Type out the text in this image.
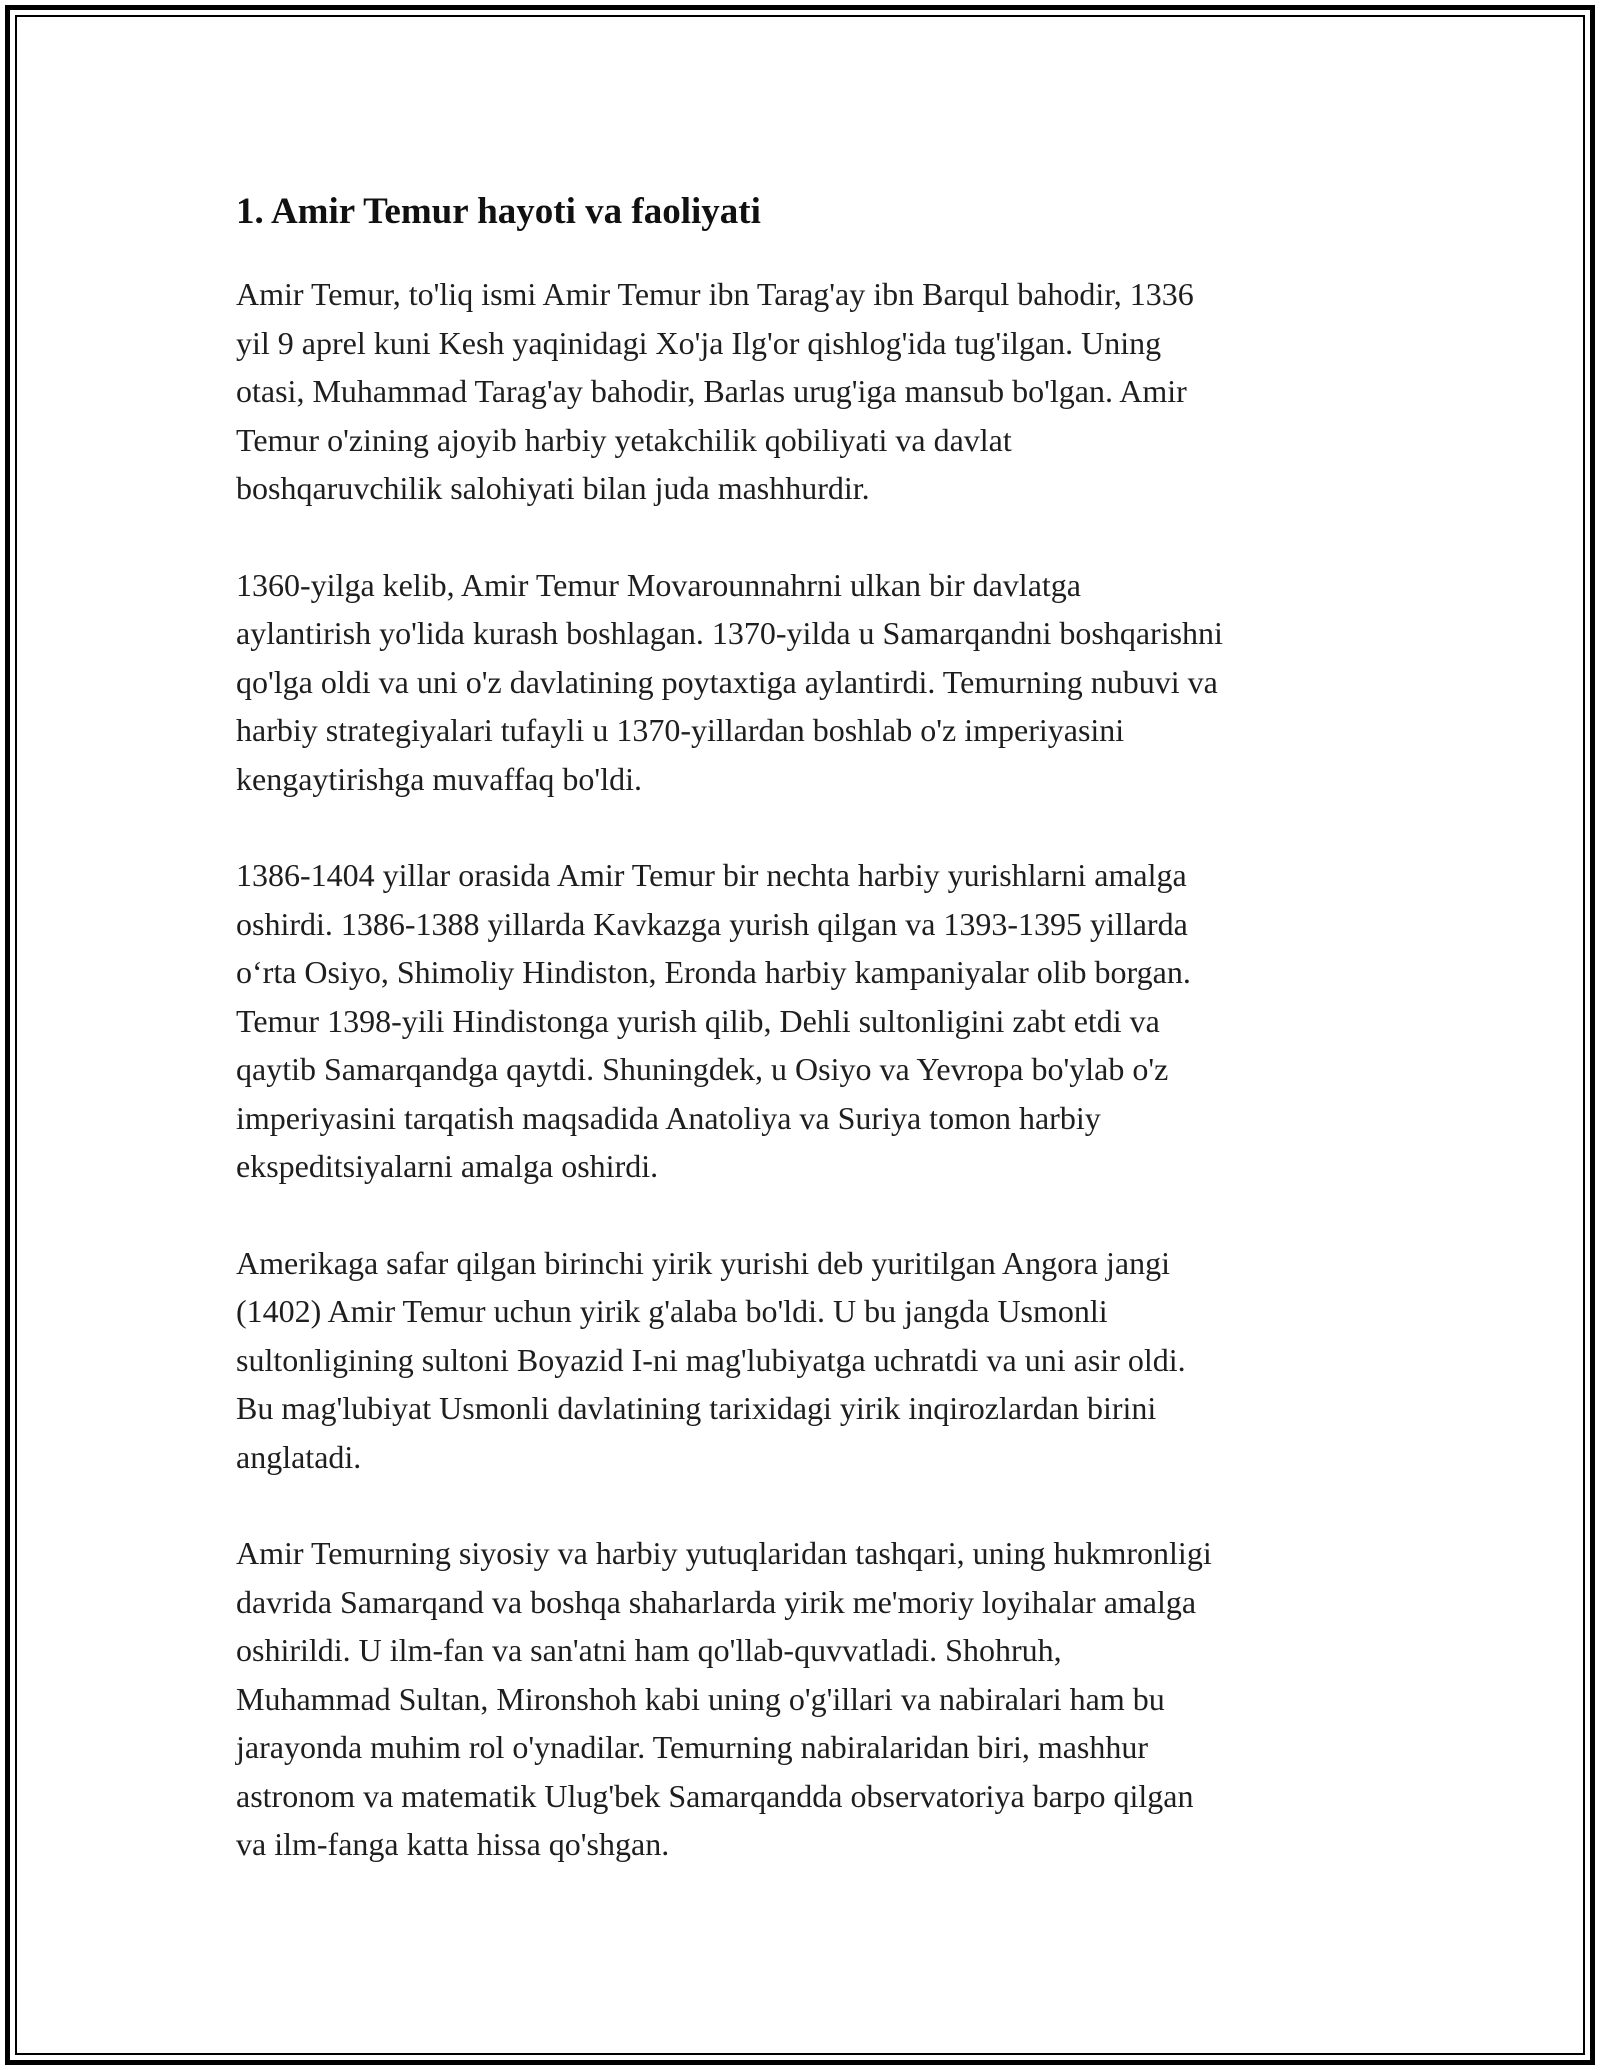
1. Amir Temur hayoti va faoliyati

Amir Temur, to'liq ismi Amir Temur ibn Tarag'ay ibn Barqul bahodir, 1336
yil 9 aprel kuni Kesh yaqinidagi Xo'ja Ilg'or qishlog'ida tug'ilgan. Uning
otasi, Muhammad Tarag'ay bahodir, Barlas urug'iga mansub bo'lgan. Amir
Temur o'zining ajoyib harbiy yetakchilik qobiliyati va davlat
boshqaruvchilik salohiyati bilan juda mashhurdir.

1360-yilga kelib, Amir Temur Movarounnahrni ulkan bir davlatga
aylantirish yo'lida kurash boshlagan. 1370-yilda u Samarqandni boshqarishni
qo'lga oldi va uni o'z davlatining poytaxtiga aylantirdi. Temurning nubuvi va
harbiy strategiyalari tufayli u 1370-yillardan boshlab o'z imperiyasini
kengaytirishga muvaffaq bo'ldi.

1386-1404 yillar orasida Amir Temur bir nechta harbiy yurishlarni amalga
oshirdi. 1386-1388 yillarda Kavkazga yurish qilgan va 1393-1395 yillarda
o‘rta Osiyo, Shimoliy Hindiston, Eronda harbiy kampaniyalar olib borgan.
Temur 1398-yili Hindistonga yurish qilib, Dehli sultonligini zabt etdi va
qaytib Samarqandga qaytdi. Shuningdek, u Osiyo va Yevropa bo'ylab o'z
imperiyasini tarqatish maqsadida Anatoliya va Suriya tomon harbiy
ekspeditsiyalarni amalga oshirdi.

Amerikaga safar qilgan birinchi yirik yurishi deb yuritilgan Angora jangi
(1402) Amir Temur uchun yirik g'alaba bo'ldi. U bu jangda Usmonli
sultonligining sultoni Boyazid I-ni mag'lubiyatga uchratdi va uni asir oldi.
Bu mag'lubiyat Usmonli davlatining tarixidagi yirik inqirozlardan birini
anglatadi.

Amir Temurning siyosiy va harbiy yutuqlaridan tashqari, uning hukmronligi
davrida Samarqand va boshqa shaharlarda yirik me'moriy loyihalar amalga
oshirildi. U ilm-fan va san'atni ham qo'llab-quvvatladi. Shohruh,
Muhammad Sultan, Mironshoh kabi uning o'g'illari va nabiralari ham bu
jarayonda muhim rol o'ynadilar. Temurning nabiralaridan biri, mashhur
astronom va matematik Ulug'bek Samarqandda observatoriya barpo qilgan
va ilm-fanga katta hissa qo'shgan.
